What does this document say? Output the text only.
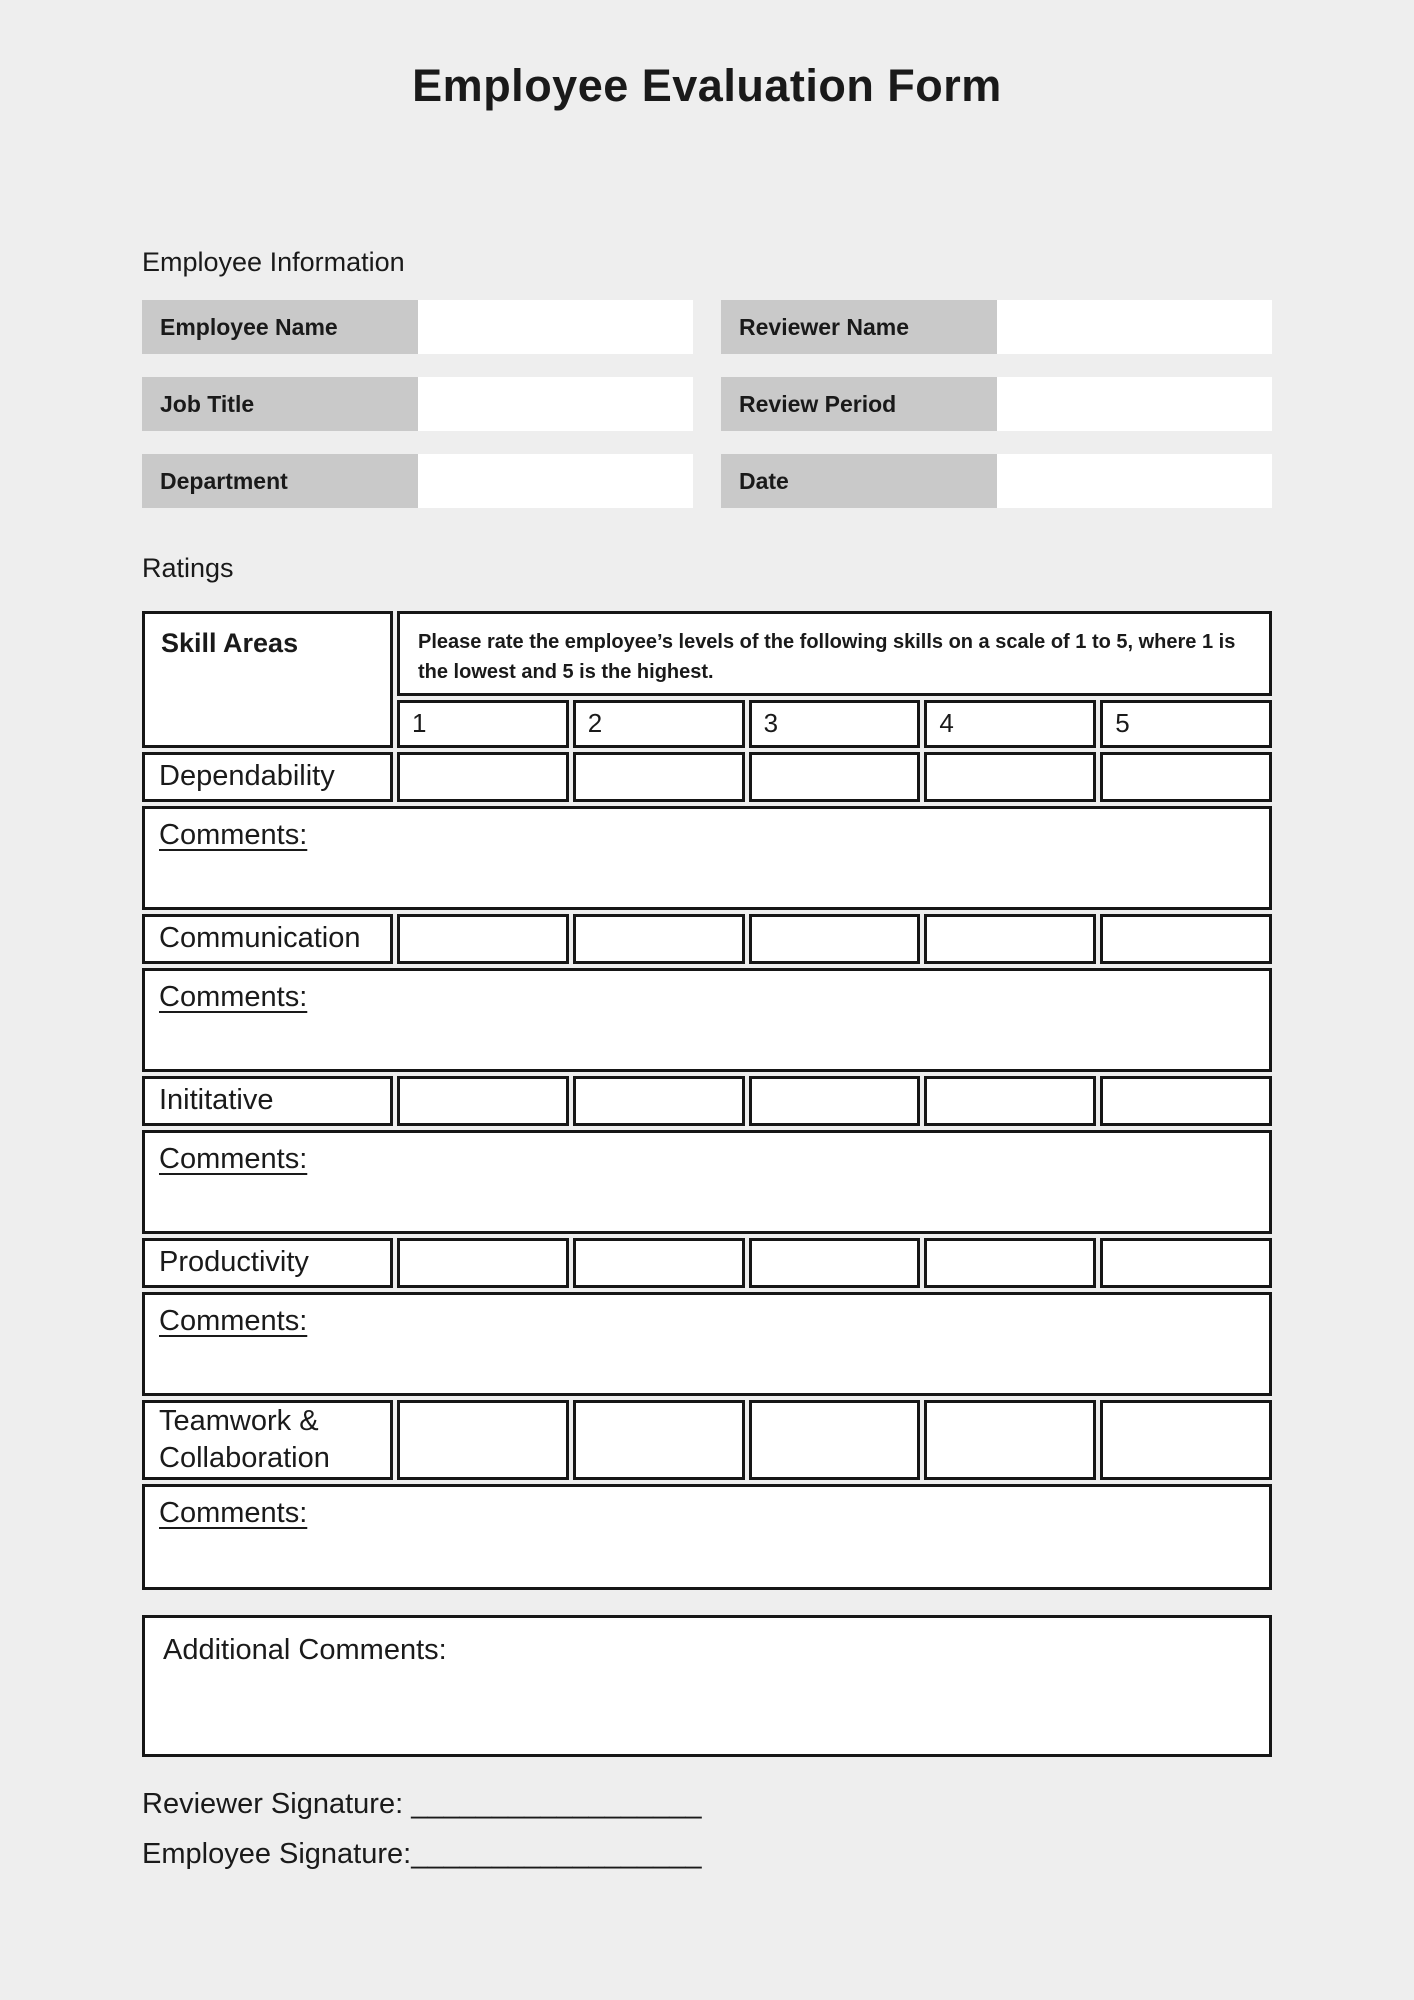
Employee Evaluation Form
Employee Information
Employee Name	Reviewer Name
Job Title	Review Period
Department	Date
Ratings
Skill Areas	Please rate the employee’s levels of the following skills on a scale of 1 to 5, where 1 is the lowest and 5 is the highest.
1	2	3	4	5
Dependability
Comments:
Communication
Comments:
Inititative
Comments:
Productivity
Comments:
Teamwork & Collaboration
Comments:
Additional Comments:
Reviewer Signature: __________________
Employee Signature:__________________
